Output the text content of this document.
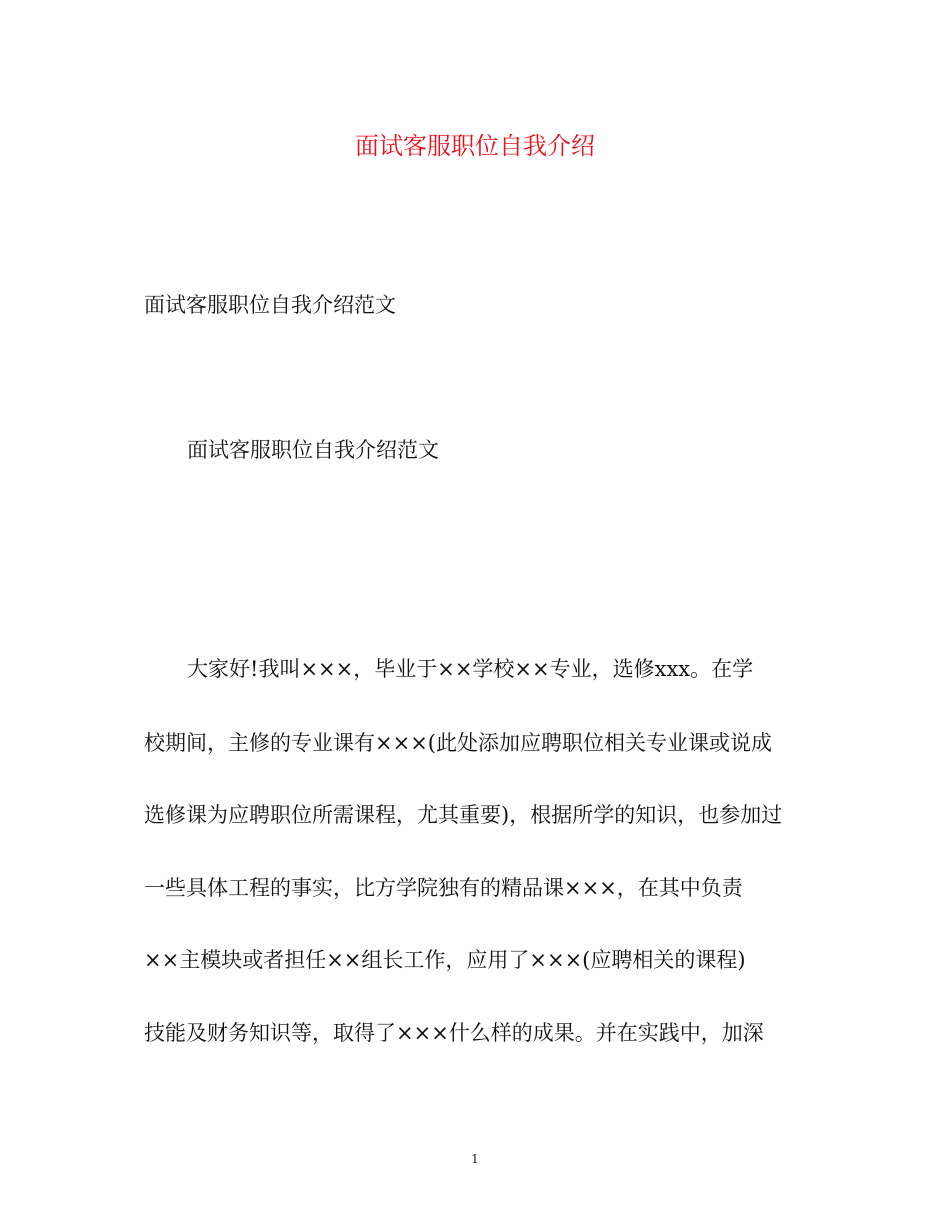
面试客服职位自我介绍
面试客服职位自我介绍范文
面试客服职位自我介绍范文
大家好!我叫×××，毕业于××学校××专业，选修xxx。在学
校期间，主修的专业课有×××(此处添加应聘职位相关专业课或说成
选修课为应聘职位所需课程，尤其重要)，根据所学的知识，也参加过
一些具体工程的事实，比方学院独有的精品课×××，在其中负责
××主模块或者担任××组长工作，应用了×××(应聘相关的课程)
技能及财务知识等，取得了×××什么样的成果。并在实践中，加深
1
